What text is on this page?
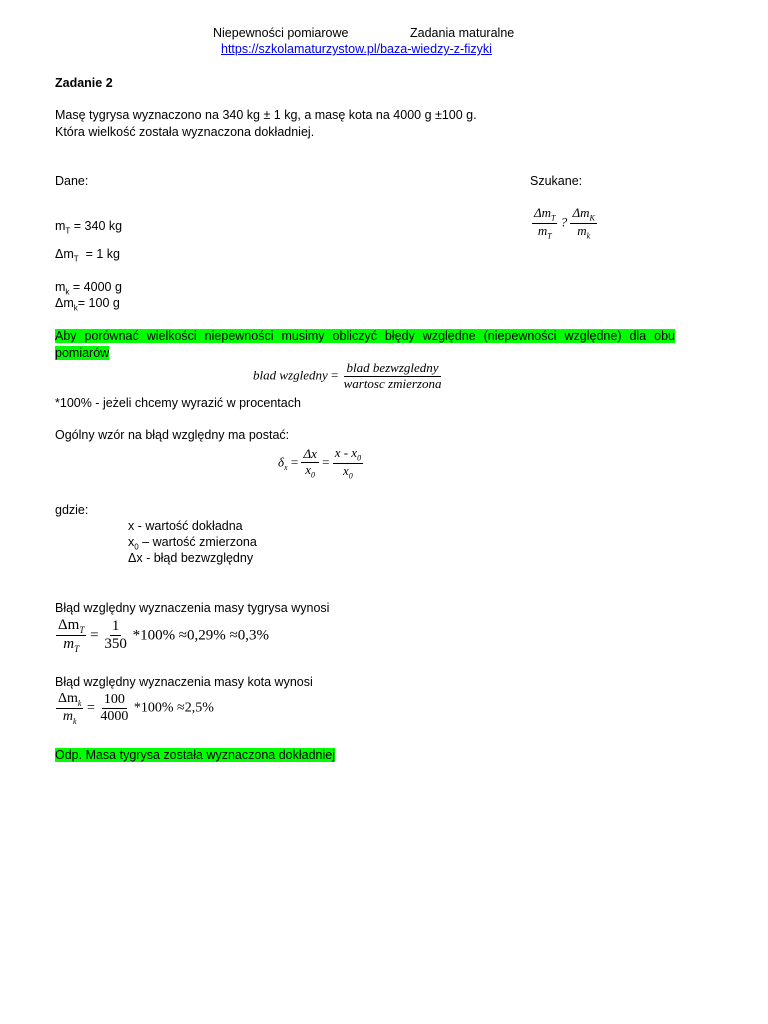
Niepewności pomiarowe	Zadania maturalne
https://szkolamaturzystow.pl/baza-wiedzy-z-fizyki
Zadanie 2
Masę tygrysa wyznaczono na 340 kg ± 1 kg, a masę kota na 4000 g ±100 g.
Która wielkość została wyznaczona dokładniej.
Dane:
$m_T = 340$ kg
$\Delta m_T = 1$ kg
$m_k = 4000$ g
$\Delta m_k= 100$ g
Szukane:
$\frac{\Delta m_T}{m_T}$ ? $\frac{\Delta m_K}{m_k}$
Aby porównać wielkości niepewności musimy obliczyć błędy względne (niepewności względne) dla obu pomiarów
blad wzgledny = $\frac{\text{blad bezwzgledny}}{\text{wartosc zmierzona}}$
*100% - jeżeli chcemy wyrazić w procentach
Ogólny wzór na błąd względny ma postać:
$\delta_x = \frac{\Delta x}{x_0} = \frac{x - x_0}{x_0}$
gdzie:
x - wartość dokładna
$x_0$ – wartość zmierzona
Δx - błąd bezwzględny
Błąd względny wyznaczenia masy tygrysa wynosi
$\frac{\Delta m_T}{m_T} = \frac{1}{350} *100\% \approx 0,29\% \approx 0,3\%$
Błąd względny wyznaczenia masy kota wynosi
$\frac{\Delta m_k}{m_k} = \frac{100}{4000} *100\% \approx 2,5\%$
Odp. Masa tygrysa została wyznaczona dokładniej
